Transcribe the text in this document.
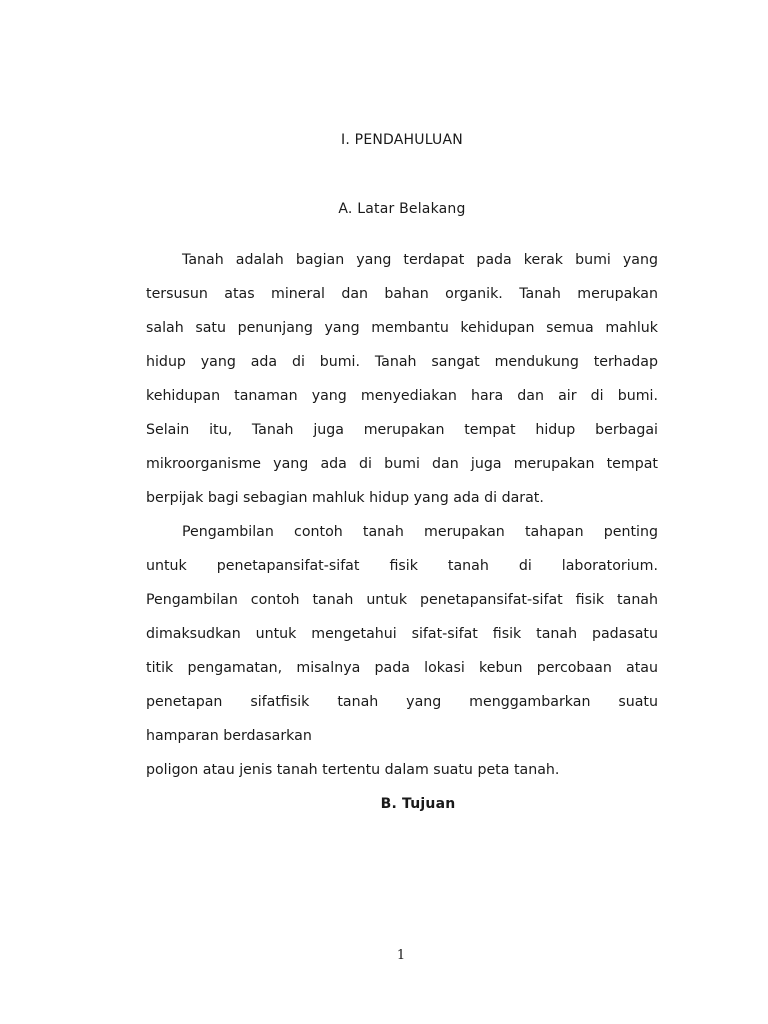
I. PENDAHULUAN
A. Latar Belakang
Tanah adalah bagian yang terdapat pada kerak bumi yang
tersusun atas mineral dan bahan organik. Tanah merupakan
salah satu penunjang yang membantu kehidupan semua mahluk
hidup yang ada di bumi. Tanah sangat mendukung terhadap
kehidupan tanaman yang menyediakan hara dan air di bumi.
Selain itu, Tanah juga merupakan tempat hidup berbagai
mikroorganisme yang ada di bumi dan juga merupakan tempat
berpijak bagi sebagian mahluk hidup yang ada di darat.
Pengambilan contoh tanah merupakan tahapan penting
untuk penetapansifat-sifat fisik tanah di laboratorium.
Pengambilan contoh tanah untuk penetapansifat-sifat fisik tanah
dimaksudkan untuk mengetahui sifat-sifat fisik tanah padasatu
titik pengamatan, misalnya pada lokasi kebun percobaan atau
penetapan sifatfisik tanah yang menggambarkan suatu
hamparan berdasarkan
poligon atau jenis tanah tertentu dalam suatu peta tanah.
B. Tujuan
1
